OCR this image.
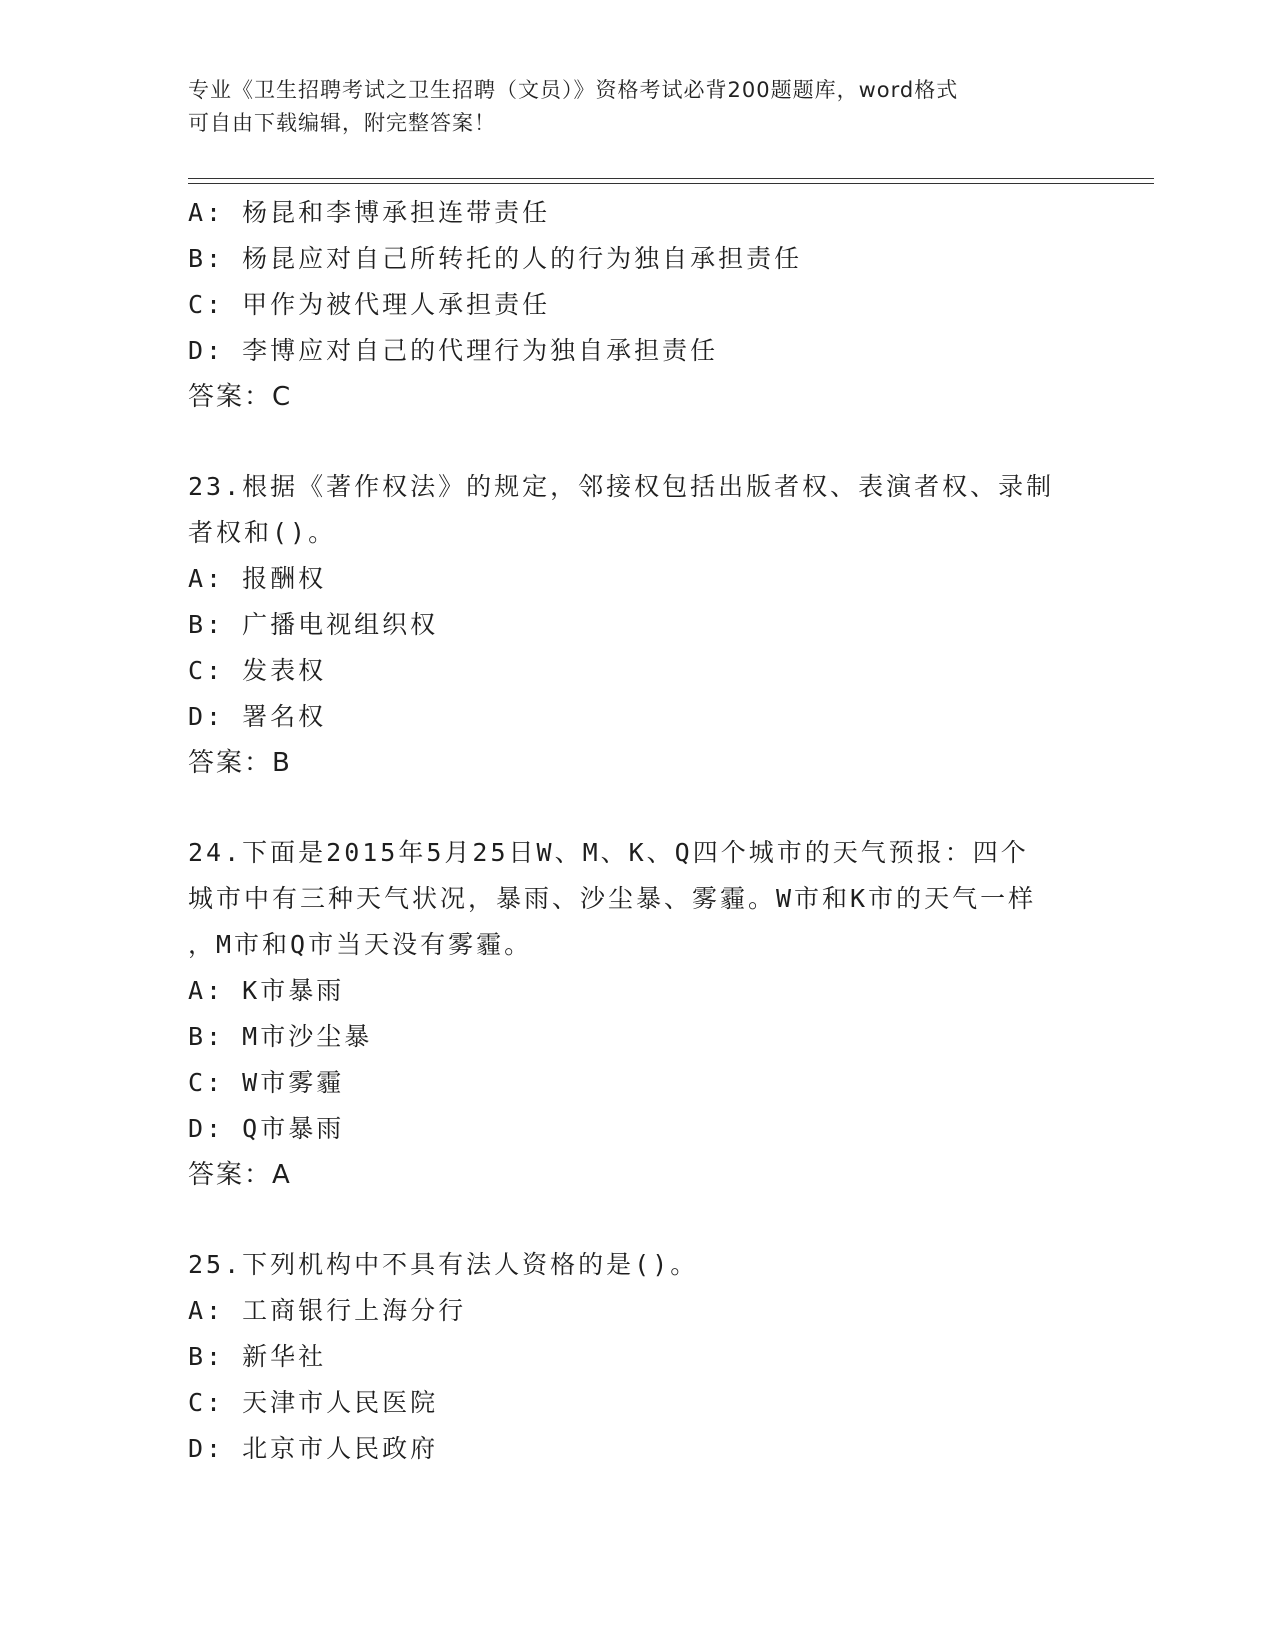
专业《卫生招聘考试之卫生招聘（文员）》资格考试必背200题题库，word格式
可自由下载编辑，附完整答案！
A: 杨昆和李博承担连带责任
B: 杨昆应对自己所转托的人的行为独自承担责任
C: 甲作为被代理人承担责任
D: 李博应对自己的代理行为独自承担责任
答案：C
23.根据《著作权法》的规定，邻接权包括出版者权、表演者权、录制
者权和()。
A: 报酬权
B: 广播电视组织权
C: 发表权
D: 署名权
答案：B
24.下面是2015年5月25日W、M、K、Q四个城市的天气预报：四个
城市中有三种天气状况，暴雨、沙尘暴、雾霾。W市和K市的天气一样
，M市和Q市当天没有雾霾。
A: K市暴雨
B: M市沙尘暴
C: W市雾霾
D: Q市暴雨
答案：A
25.下列机构中不具有法人资格的是()。
A: 工商银行上海分行
B: 新华社
C: 天津市人民医院
D: 北京市人民政府
